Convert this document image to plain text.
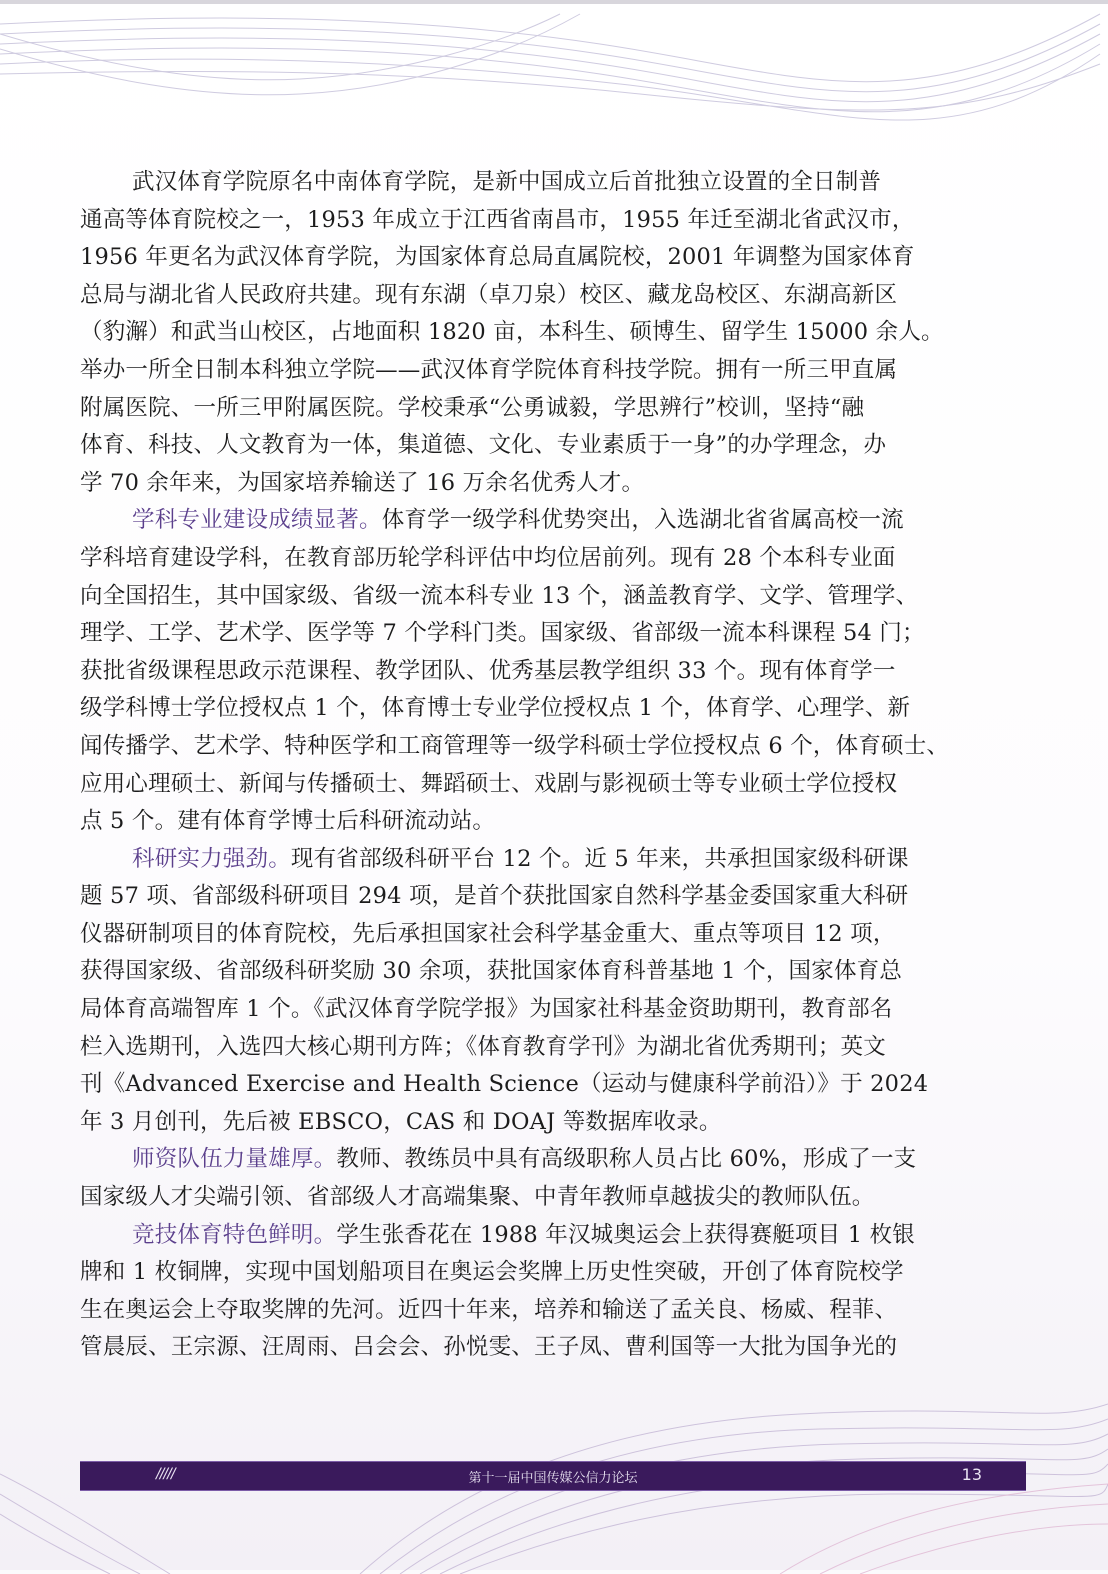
武汉体育学院原名中南体育学院，是新中国成立后首批独立设置的全日制普
通高等体育院校之一，1953 年成立于江西省南昌市，1955 年迁至湖北省武汉市，
1956 年更名为武汉体育学院，为国家体育总局直属院校，2001 年调整为国家体育
总局与湖北省人民政府共建。现有东湖（卓刀泉）校区、藏龙岛校区、东湖高新区
（豹澥）和武当山校区，占地面积 1820 亩，本科生、硕博生、留学生 15000 余人。
举办一所全日制本科独立学院——武汉体育学院体育科技学院。拥有一所三甲直属
附属医院、一所三甲附属医院。学校秉承“公勇诚毅，学思辨行”校训，坚持“融
体育、科技、人文教育为一体，集道德、文化、专业素质于一身”的办学理念，办
学 70 余年来，为国家培养输送了 16 万余名优秀人才。
学科专业建设成绩显著。体育学一级学科优势突出，入选湖北省省属高校一流
学科培育建设学科，在教育部历轮学科评估中均位居前列。现有 28 个本科专业面
向全国招生，其中国家级、省级一流本科专业 13 个，涵盖教育学、文学、管理学、
理学、工学、艺术学、医学等 7 个学科门类。国家级、省部级一流本科课程 54 门；
获批省级课程思政示范课程、教学团队、优秀基层教学组织 33 个。现有体育学一
级学科博士学位授权点 1 个，体育博士专业学位授权点 1 个，体育学、心理学、新
闻传播学、艺术学、特种医学和工商管理等一级学科硕士学位授权点 6 个，体育硕士、
应用心理硕士、新闻与传播硕士、舞蹈硕士、戏剧与影视硕士等专业硕士学位授权
点 5 个。建有体育学博士后科研流动站。
科研实力强劲。现有省部级科研平台 12 个。近 5 年来，共承担国家级科研课
题 57 项、省部级科研项目 294 项，是首个获批国家自然科学基金委国家重大科研
仪器研制项目的体育院校，先后承担国家社会科学基金重大、重点等项目 12 项，
获得国家级、省部级科研奖励 30 余项，获批国家体育科普基地 1 个，国家体育总
局体育高端智库 1 个。《武汉体育学院学报》为国家社科基金资助期刊，教育部名
栏入选期刊，入选四大核心期刊方阵；《体育教育学刊》为湖北省优秀期刊；英文
刊《Advanced Exercise and Health Science（运动与健康科学前沿）》于 2024
年 3 月创刊，先后被 EBSCO，CAS 和 DOAJ 等数据库收录。
师资队伍力量雄厚。教师、教练员中具有高级职称人员占比 60%，形成了一支
国家级人才尖端引领、省部级人才高端集聚、中青年教师卓越拔尖的教师队伍。
竞技体育特色鲜明。学生张香花在 1988 年汉城奥运会上获得赛艇项目 1 枚银
牌和 1 枚铜牌，实现中国划船项目在奥运会奖牌上历史性突破，开创了体育院校学
生在奥运会上夺取奖牌的先河。近四十年来，培养和输送了孟关良、杨威、程菲、
管晨辰、王宗源、汪周雨、吕会会、孙悦雯、王子凤、曹利国等一大批为国争光的
/////	第十一届中国传媒公信力论坛	13
